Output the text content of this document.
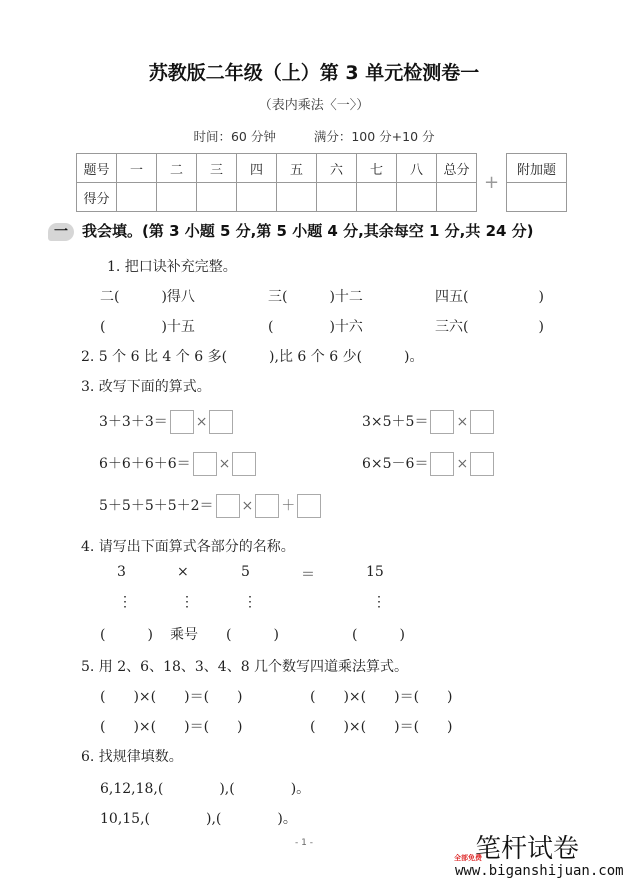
苏教版二年级（上）第 3 单元检测卷一
（表内乘法〈一〉）
时间：60 分钟	满分：100 分+10 分
题号	一	二	三	四	五	六	七	八	总分
得分									
+
附加题

一 我会填。(第 3 小题 5 分,第 5 小题 4 分,其余每空 1 分,共 24 分)
1. 把口诀补充完整。
二(　　　)得八	三(　　　)十二	四五(　　　　　)
(　　　　)十五	(　　　　)十六	三六(　　　　　)
2. 5 个 6 比 4 个 6 多(　　　),比 6 个 6 少(　　　)。
3. 改写下面的算式。
3＋3＋3＝ ×	3×5＋5＝ ×
6＋6＋6＋6＝ ×	6×5－6＝ ×
5＋5＋5＋5＋2＝ × ＋
4. 请写出下面算式各部分的名称。
3	×	5	＝	15
⋮	⋮	⋮	⋮
(　　　) 乘号 (　　　)	(　　　)
5. 用 2、6、18、3、4、8 几个数写四道乘法算式。
(　　)×(　　)＝(　　)	(　　)×(　　)＝(　　)
(　　)×(　　)＝(　　)	(　　)×(　　)＝(　　)
6. 找规律填数。
6,12,18,(　　　　),(　　　　)。
10,15,(　　　　),(　　　　)。
- 1 -	笔杆试卷
全部免费
www.biganshijuan.com
